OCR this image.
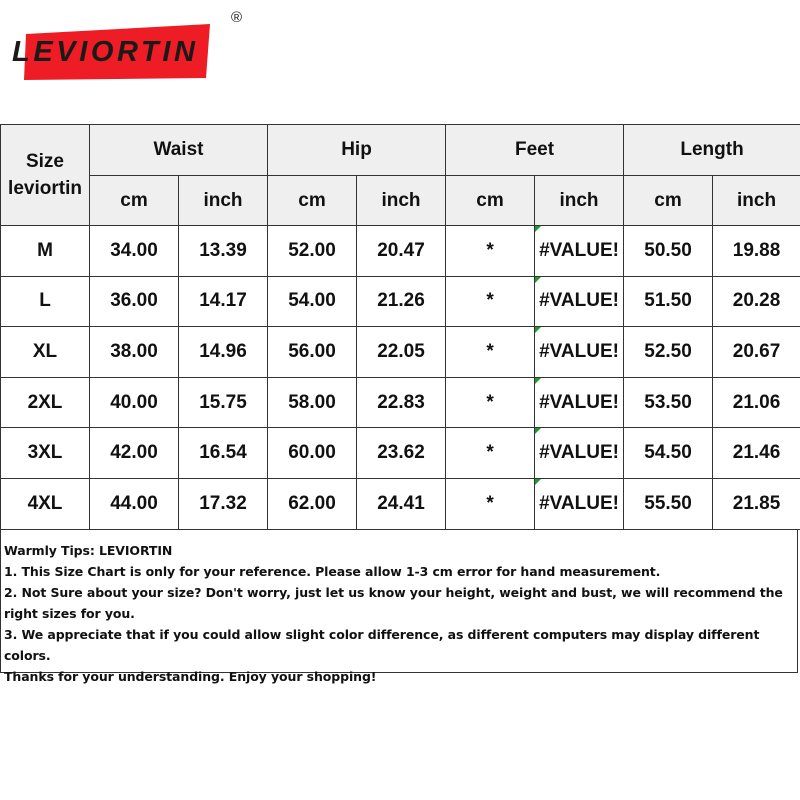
LEVIORTIN
®
Size
leviortin	Waist		Hip		Feet		Length	
	cm	inch	cm	inch	cm	inch	cm	inch
M	34.00	13.39	52.00	20.47	*	#VALUE!	50.50	19.88
L	36.00	14.17	54.00	21.26	*	#VALUE!	51.50	20.28
XL	38.00	14.96	56.00	22.05	*	#VALUE!	52.50	20.67
2XL	40.00	15.75	58.00	22.83	*	#VALUE!	53.50	21.06
3XL	42.00	16.54	60.00	23.62	*	#VALUE!	54.50	21.46
4XL	44.00	17.32	62.00	24.41	*	#VALUE!	55.50	21.85

Warmly Tips: LEVIORTIN

1. This Size Chart is only for your reference. Please allow 1-3 cm error for hand measurement.

2. Not Sure about your size? Don't worry, just let us know your height, weight and bust, we will recommend the right sizes for you.

3. We appreciate that if you could allow slight color difference, as different computers may display different colors.

Thanks for your understanding. Enjoy your shopping!
